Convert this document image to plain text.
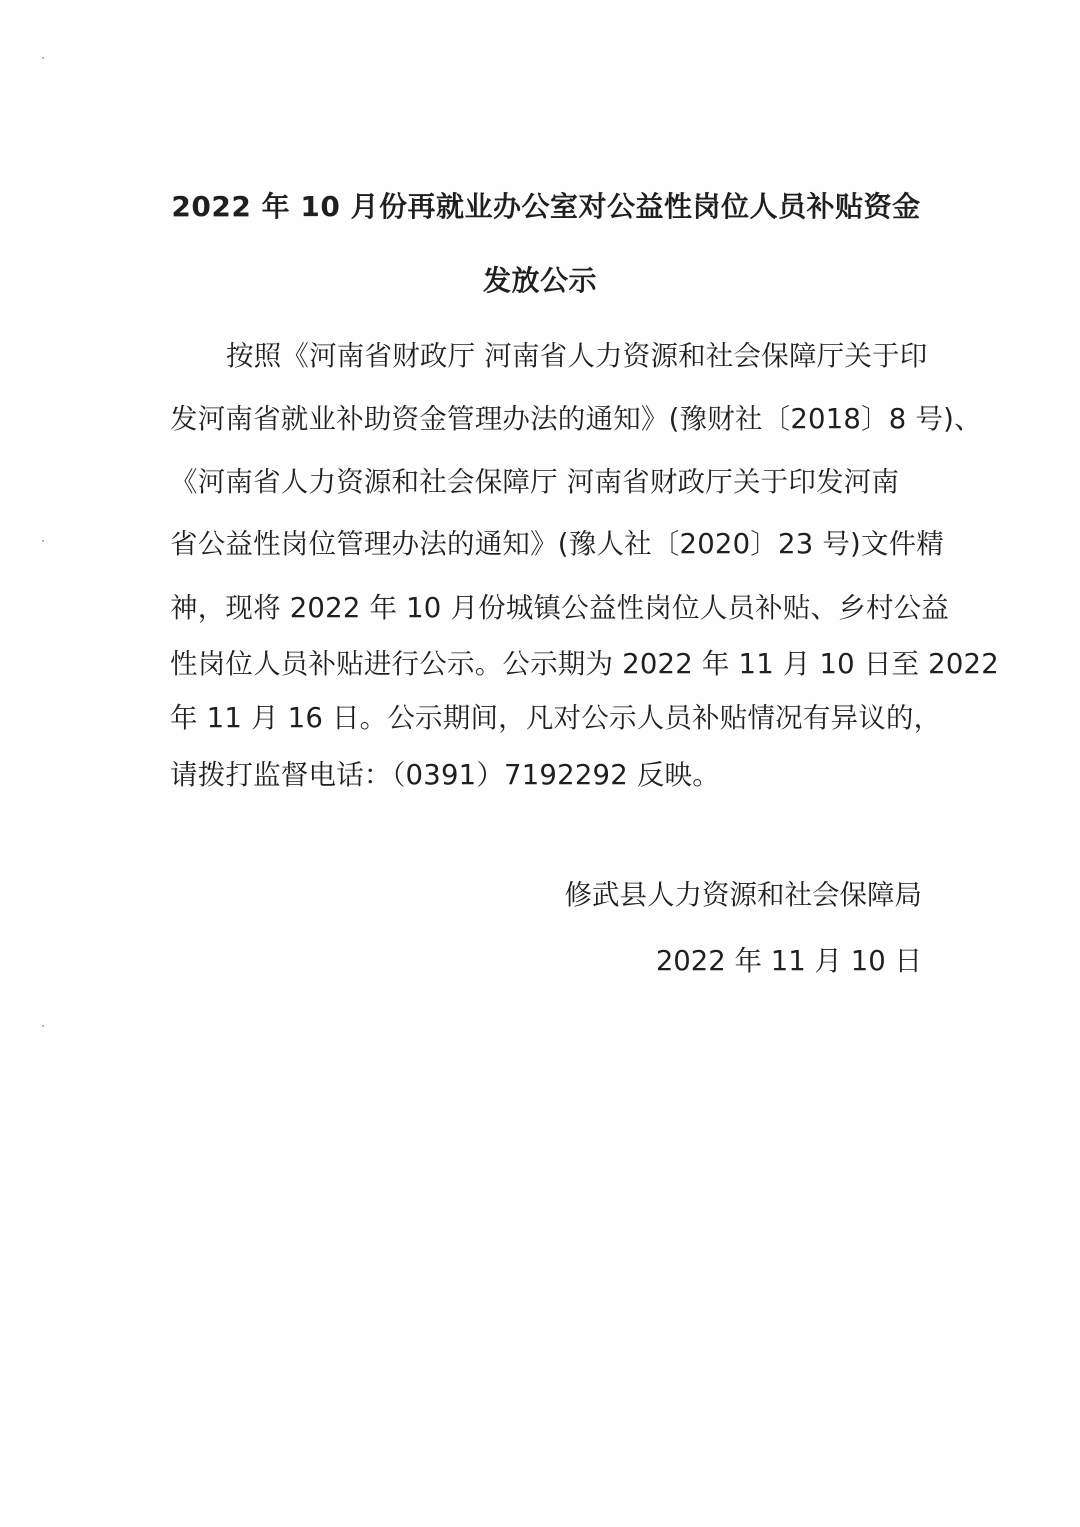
2022 年 10 月份再就业办公室对公益性岗位人员补贴资金
发放公示
按照《河南省财政厅 河南省人力资源和社会保障厅关于印
发河南省就业补助资金管理办法的通知》(豫财社〔2018〕8 号)、
《河南省人力资源和社会保障厅 河南省财政厅关于印发河南
省公益性岗位管理办法的通知》(豫人社〔2020〕23 号)文件精
神，现将 2022 年 10 月份城镇公益性岗位人员补贴、乡村公益
性岗位人员补贴进行公示。公示期为 2022 年 11 月 10 日至 2022
年 11 月 16 日。公示期间，凡对公示人员补贴情况有异议的，
请拨打监督电话：（0391）7192292 反映。
修武县人力资源和社会保障局
2022 年 11 月 10 日
